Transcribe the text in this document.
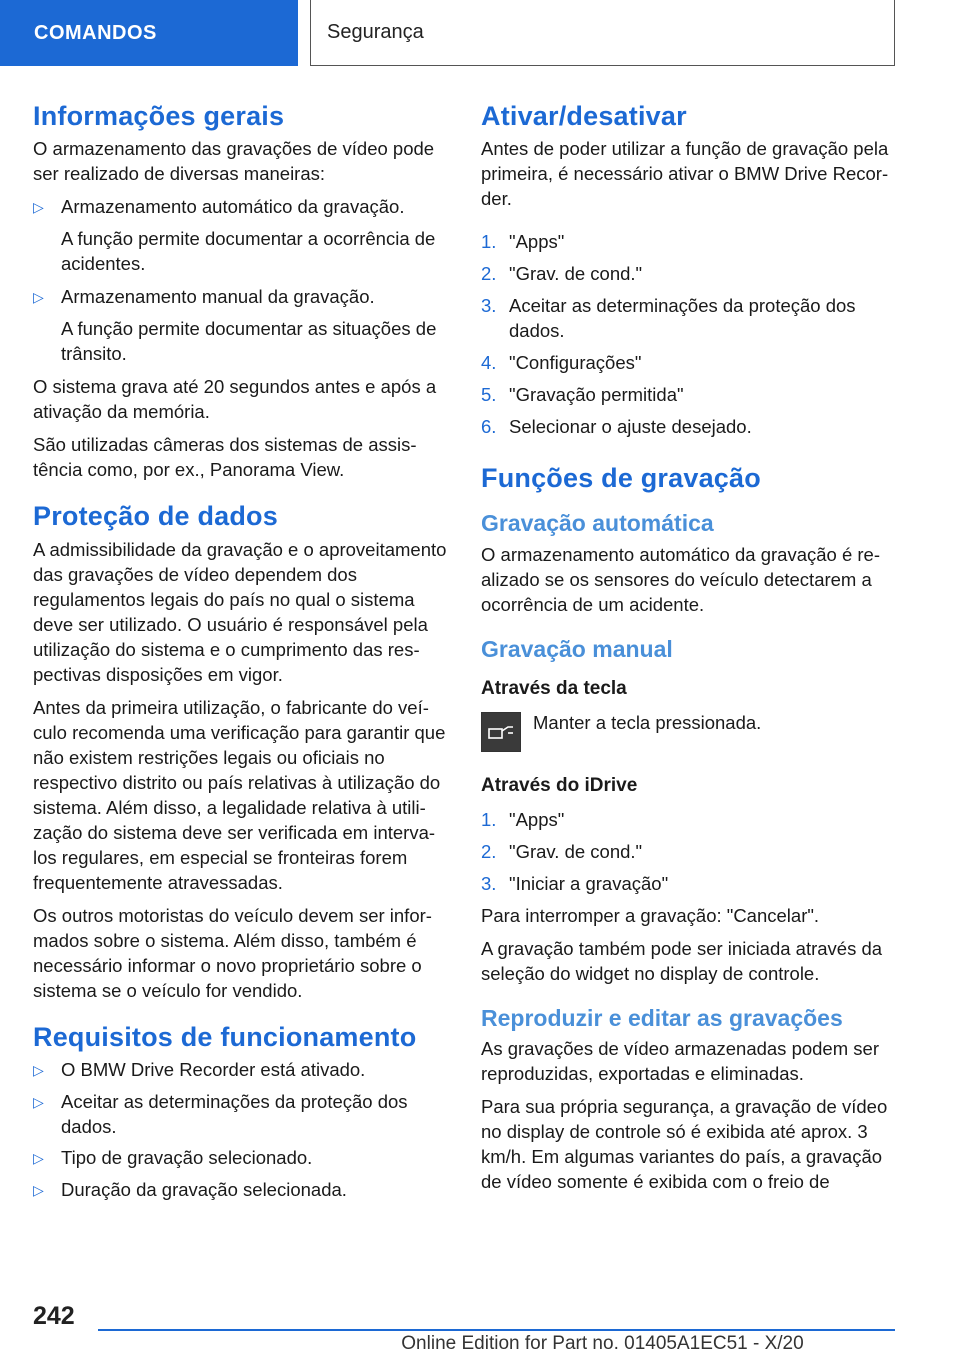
COMANDOS	Segurança
Informações gerais

O armazenamento das gravações de vídeo pode ser realizado de diversas maneiras:

▷ Armazenamento automático da gravação.
A função permite documentar a ocorrência de acidentes.
▷ Armazenamento manual da gravação.
A função permite documentar as situações de trânsito.

O sistema grava até 20 segundos antes e após a ativação da memória.

São utilizadas câmeras dos sistemas de assistência como, por ex., Panorama View.

Proteção de dados

A admissibilidade da gravação e o aproveitamento das gravações de vídeo dependem dos regulamentos legais do país no qual o sistema deve ser utilizado. O usuário é responsável pela utilização do sistema e o cumprimento das respectivas disposições em vigor.

Antes da primeira utilização, o fabricante do veículo recomenda uma verificação para garantir que não existem restrições legais ou oficiais no respectivo distrito ou país relativas à utilização do sistema. Além disso, a legalidade relativa à utilização do sistema deve ser verificada em intervalos regulares, em especial se fronteiras forem frequentemente atravessadas.

Os outros motoristas do veículo devem ser informados sobre o sistema. Além disso, também é necessário informar o novo proprietário sobre o sistema se o veículo for vendido.

Requisitos de funcionamento
▷ O BMW Drive Recorder está ativado.
▷ Aceitar as determinações da proteção dos dados.
▷ Tipo de gravação selecionado.
▷ Duração da gravação selecionada.
Ativar/desativar

Antes de poder utilizar a função de gravação pela primeira, é necessário ativar o BMW Drive Recorder.

1. "Apps"
2. "Grav. de cond."
3. Aceitar as determinações da proteção dos dados.
4. "Configurações"
5. "Gravação permitida"
6. Selecionar o ajuste desejado.
Funções de gravação
Gravação automática

O armazenamento automático da gravação é realizado se os sensores do veículo detectarem a ocorrência de um acidente.

Gravação manual
Através da tecla
Manter a tecla pressionada.
Através do iDrive
1. "Apps"
2. "Grav. de cond."
3. "Iniciar a gravação"

Para interromper a gravação: "Cancelar".

A gravação também pode ser iniciada através da seleção do widget no display de controle.

Reproduzir e editar as gravações

As gravações de vídeo armazenadas podem ser reproduzidas, exportadas e eliminadas.

Para sua própria segurança, a gravação de vídeo no display de controle só é exibida até aprox. 3 km/h. Em algumas variantes do país, a gravação de vídeo somente é exibida com o freio de

242
Online Edition for Part no. 01405A1EC51 - X/20
